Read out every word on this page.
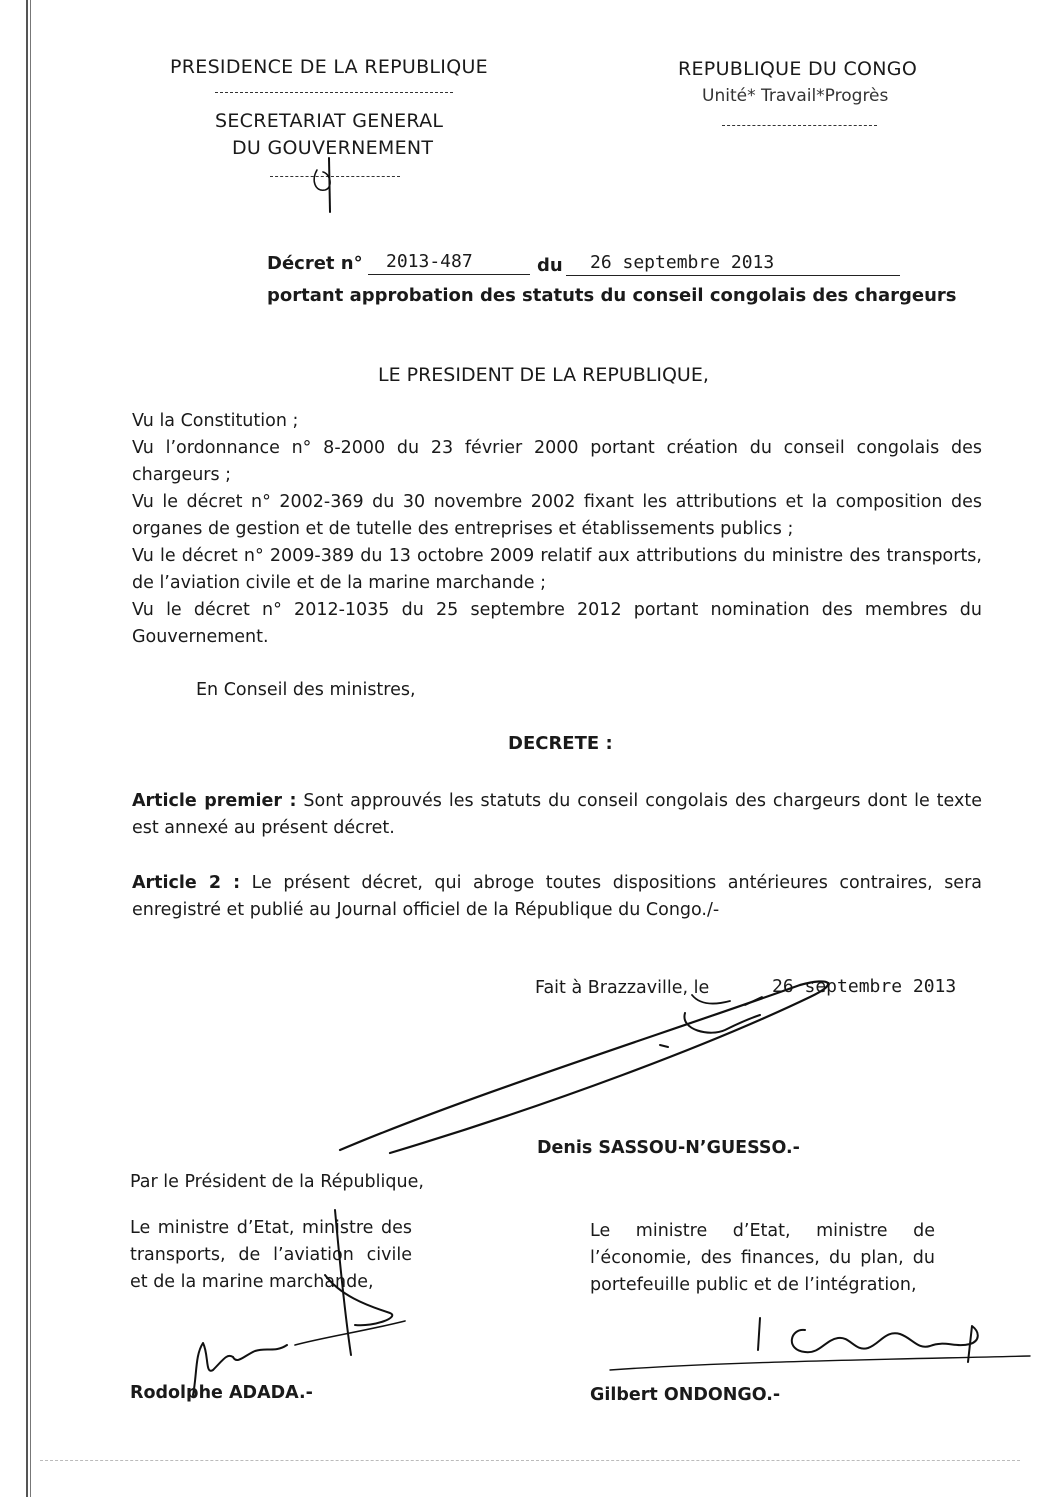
PRESIDENCE DE LA REPUBLIQUE
SECRETARIAT GENERAL
DU GOUVERNEMENT
REPUBLIQUE DU CONGO
Unité* Travail*Progrès
Décret n° 2013-487	du 26 septembre 2013
portant approbation des statuts du conseil congolais des chargeurs
LE PRESIDENT DE LA REPUBLIQUE,

Vu la Constitution ;

Vu l’ordonnance n° 8-2000 du 23 février 2000 portant création du conseil congolais des chargeurs ;

Vu le décret n° 2002-369 du 30 novembre 2002 fixant les attributions et la composition des organes de gestion et de tutelle des entreprises et établissements publics ;

Vu le décret n° 2009-389 du 13 octobre 2009 relatif aux attributions du ministre des transports, de l’aviation civile et de la marine marchande ;

Vu le décret n° 2012-1035 du 25 septembre 2012 portant nomination des membres du Gouvernement.

En Conseil des ministres,
DECRETE :
Article premier : Sont approuvés les statuts du conseil congolais des chargeurs dont le texte est annexé au présent décret.
Article 2 : Le présent décret, qui abroge toutes dispositions antérieures contraires, sera enregistré et publié au Journal officiel de la République du Congo./-
Fait à Brazzaville, le	26 septembre 2013
Denis SASSOU-N’GUESSO.-
Par le Président de la République,
Le ministre d’Etat, ministre des transports, de l’aviation civile et de la marine marchande,
Le ministre d’Etat, ministre de l’économie, des finances, du plan, du portefeuille public et de l’intégration,
Rodolphe ADADA.-	Gilbert ONDONGO.-
